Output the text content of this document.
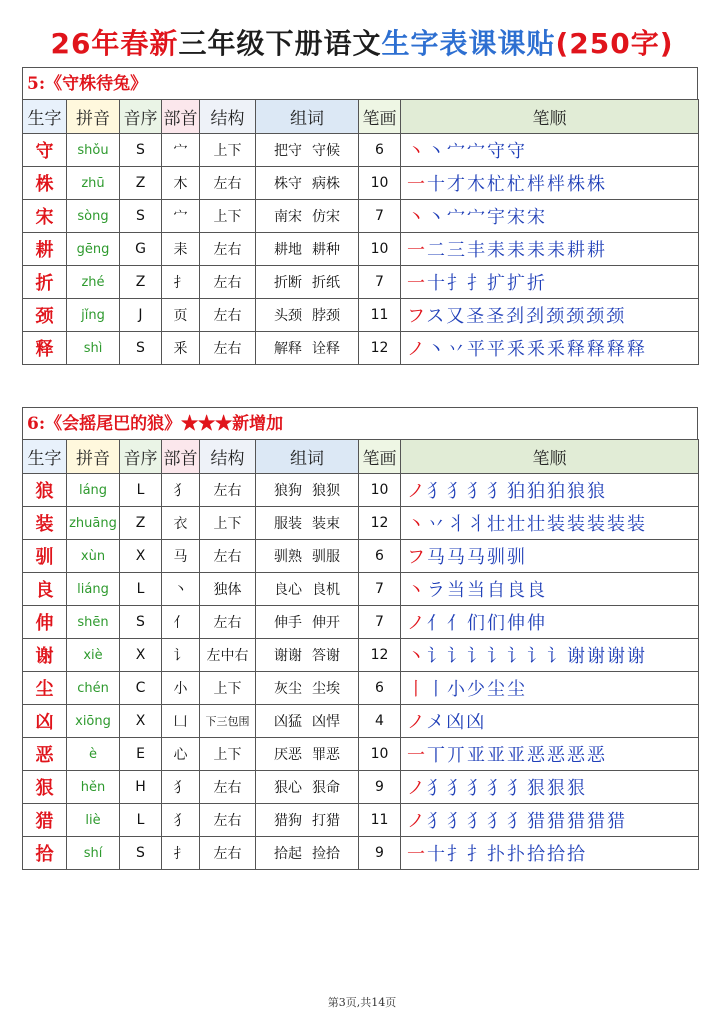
26年春新三年级下册语文生字表课课贴(250字)
5:《守株待兔》
生字	拼音	音序	部首	结构	组词	笔画	笔顺
守	shǒu	S	宀	上下	把守 守候	6	丶丶宀宀守守
株	zhū	Z	木	左右	株守 病株	10	一十才木杧杧柈柈株株
宋	sòng	S	宀	上下	南宋 仿宋	7	丶丶宀宀宇宋宋
耕	gēng	G	耒	左右	耕地 耕种	10	一二三丰耒耒耒耒耕耕
折	zhé	Z	扌	左右	折断 折纸	7	一十扌扌扩扩折
颈	jǐng	J	页	左右	头颈 脖颈	11	フス又圣圣刭刭颈颈颈颈
释	shì	S	釆	左右	解释 诠释	12	ノ丶丷平平釆釆釆释释释释
6:《会摇尾巴的狼》★★★新增加
生字	拼音	音序	部首	结构	组词	笔画	笔顺
狼	láng	L	犭	左右	狼狗 狼狈	10	ノ犭犭犭犭狛狛狛狼狼
装	zhuāng	Z	衣	上下	服装 装束	12	丶丷丬丬壮壮壮装装装装装
驯	xùn	X	马	左右	驯熟 驯服	6	フ马马马驯驯
良	liáng	L	丶	独体	良心 良机	7	丶ラ当当自良良
伸	shēn	S	亻	左右	伸手 伸开	7	ノ亻亻们们伸伸
谢	xiè	X	讠	左中右	谢谢 答谢	12	丶讠讠讠讠讠讠讠谢谢谢谢
尘	chén	C	小	上下	灰尘 尘埃	6	丨丨小少尘尘
凶	xiōng	X	凵	下三包围	凶猛 凶悍	4	ノメ凶凶
恶	è	E	心	上下	厌恶 罪恶	10	一丅丌亚亚亚恶恶恶恶
狠	hěn	H	犭	左右	狠心 狠命	9	ノ犭犭犭犭犭狠狠狠
猎	liè	L	犭	左右	猎狗 打猎	11	ノ犭犭犭犭犭猎猎猎猎猎
拾	shí	S	扌	左右	拾起 捡拾	9	一十扌扌扑扑拾拾拾
第3页,共14页
